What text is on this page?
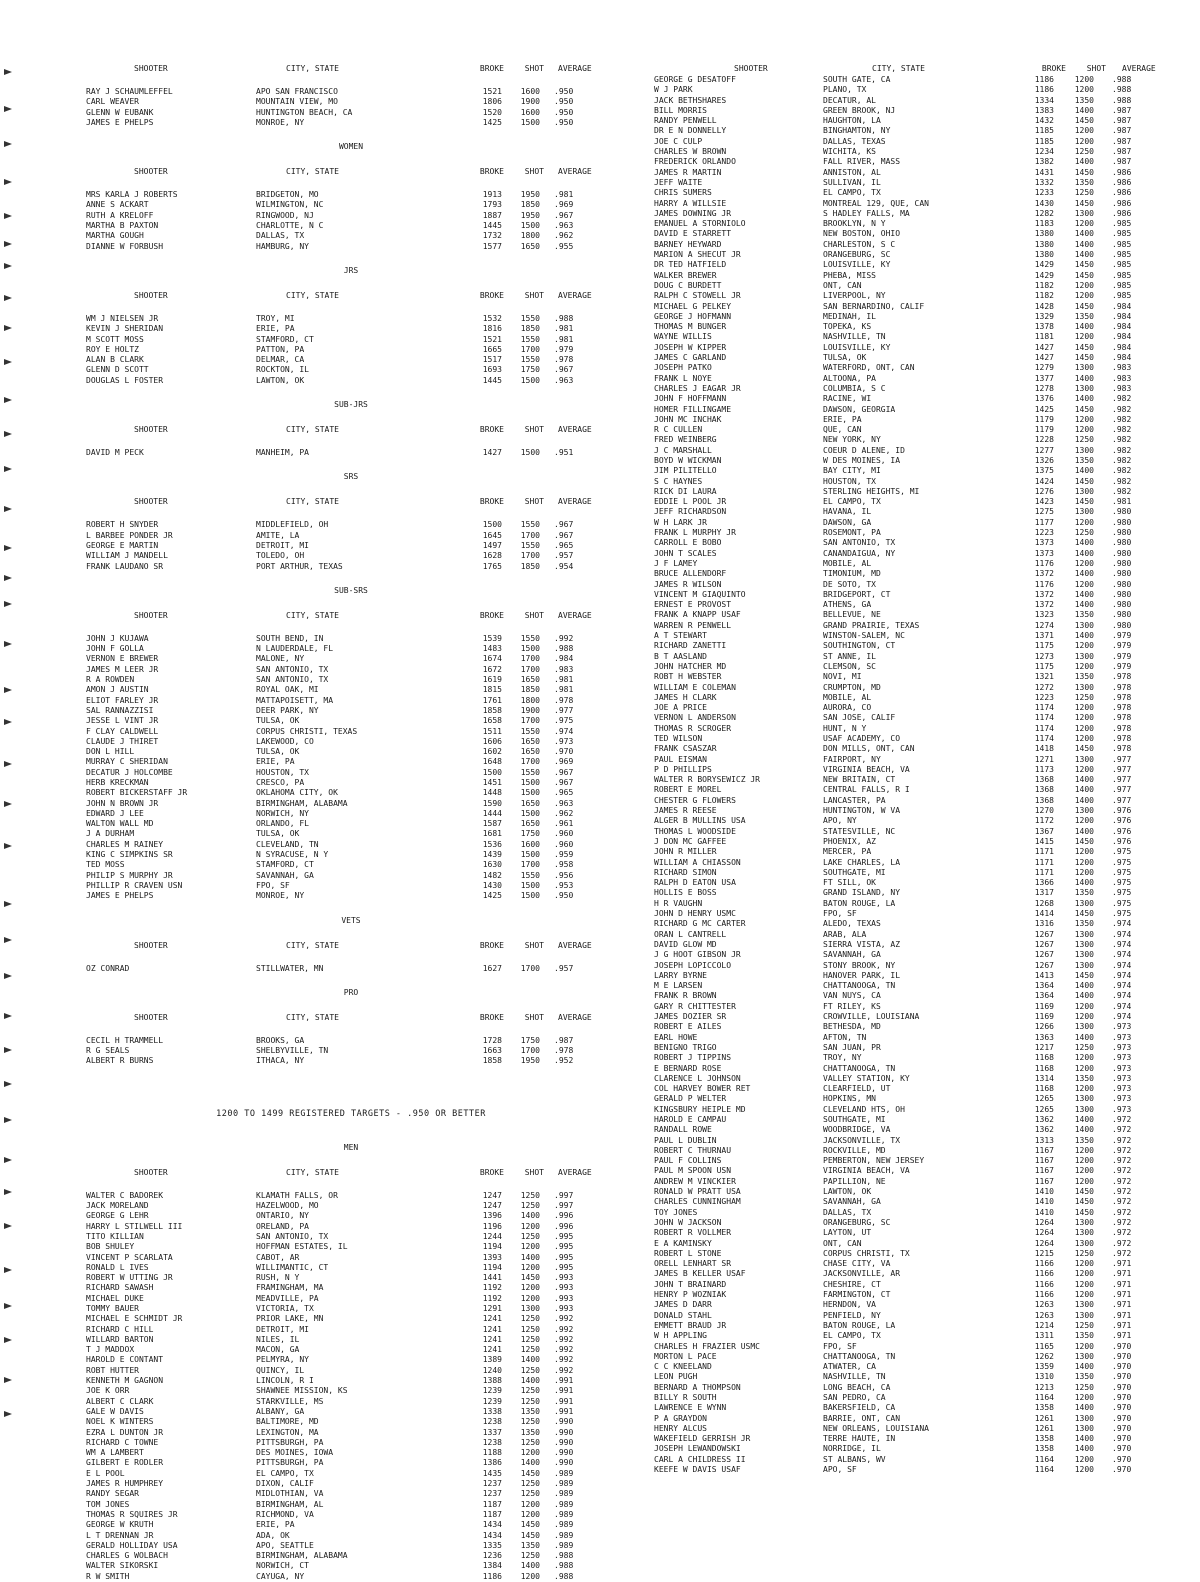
SHOOTER	CITY, STATE	BROKE	SHOT AVERAGE
RAY J SCHAUMLEFFEL	APO SAN FRANCISCO	1521	1600 .950
CARL WEAVER	MOUNTAIN VIEW, MO	1806	1900 .950
GLENN W EUBANK	HUNTINGTON BEACH, CA	1520	1600 .950
JAMES E PHELPS	MONROE, NY	1425	1500 .950
WOMEN
SHOOTER	CITY, STATE	BROKE	SHOT AVERAGE
MRS KARLA J ROBERTS	BRIDGETON, MO	1913	1950 .981
ANNE S ACKART	WILMINGTON, NC	1793	1850 .969
RUTH A KRELOFF	RINGWOOD, NJ	1887	1950 .967
MARTHA B PAXTON	CHARLOTTE, N C	1445	1500 .963
MARTHA GOUGH	DALLAS, TX	1732	1800 .962
DIANNE W FORBUSH	HAMBURG, NY	1577	1650 .955
JRS
SHOOTER	CITY, STATE	BROKE	SHOT AVERAGE
WM J NIELSEN JR	TROY, MI	1532	1550 .988
KEVIN J SHERIDAN	ERIE, PA	1816	1850 .981
M SCOTT MOSS	STAMFORD, CT	1521	1550 .981
ROY E HOLTZ	PATTON, PA	1665	1700 .979
ALAN B CLARK	DELMAR, CA	1517	1550 .978
GLENN D SCOTT	ROCKTON, IL	1693	1750 .967
DOUGLAS L FOSTER	LAWTON, OK	1445	1500 .963
SUB-JRS
SHOOTER	CITY, STATE	BROKE	SHOT AVERAGE
DAVID M PECK	MANHEIM, PA	1427	1500 .951
SRS
SHOOTER	CITY, STATE	BROKE	SHOT AVERAGE
ROBERT H SNYDER	MIDDLEFIELD, OH	1500	1550 .967
L BARBEE PONDER JR	AMITE, LA	1645	1700 .967
GEORGE E MARTIN	DETROIT, MI	1497	1550 .965
WILLIAM J MANDELL	TOLEDO, OH	1628	1700 .957
FRANK LAUDANO SR	PORT ARTHUR, TEXAS	1765	1850 .954
SUB-SRS
SHOOTER	CITY, STATE	BROKE	SHOT AVERAGE
JOHN J KUJAWA	SOUTH BEND, IN	1539	1550 .992
JOHN F GOLLA	N LAUDERDALE, FL	1483	1500 .988
VERNON E BREWER	MALONE, NY	1674	1700 .984
JAMES M LEER JR	SAN ANTONIO, TX	1672	1700 .983
R A ROWDEN	SAN ANTONIO, TX	1619	1650 .981
AMON J AUSTIN	ROYAL OAK, MI	1815	1850 .981
ELIOT FARLEY JR	MATTAPOISETT, MA	1761	1800 .978
SAL RANNAZZISI	DEER PARK, NY	1858	1900 .977
JESSE L VINT JR	TULSA, OK	1658	1700 .975
F CLAY CALDWELL	CORPUS CHRISTI, TEXAS	1511	1550 .974
CLAUDE J THIRET	LAKEWOOD, CO	1606	1650 .973
DON L HILL	TULSA, OK	1602	1650 .970
MURRAY C SHERIDAN	ERIE, PA	1648	1700 .969
DECATUR J HOLCOMBE	HOUSTON, TX	1500	1550 .967
HERB KRECKMAN	CRESCO, PA	1451	1500 .967
ROBERT BICKERSTAFF JR	OKLAHOMA CITY, OK	1448	1500 .965
JOHN N BROWN JR	BIRMINGHAM, ALABAMA	1590	1650 .963
EDWARD J LEE	NORWICH, NY	1444	1500 .962
WALTON WALL MD	ORLANDO, FL	1587	1650 .961
J A DURHAM	TULSA, OK	1681	1750 .960
CHARLES M RAINEY	CLEVELAND, TN	1536	1600 .960
KING C SIMPKINS SR	N SYRACUSE, N Y	1439	1500 .959
TED MOSS	STAMFORD, CT	1630	1700 .958
PHILIP S MURPHY JR	SAVANNAH, GA	1482	1550 .956
PHILLIP R CRAVEN USN	FPO, SF	1430	1500 .953
JAMES E PHELPS	MONROE, NY	1425	1500 .950
VETS
SHOOTER	CITY, STATE	BROKE	SHOT AVERAGE
OZ CONRAD	STILLWATER, MN	1627	1700 .957
PRO
SHOOTER	CITY, STATE	BROKE	SHOT AVERAGE
CECIL H TRAMMELL	BROOKS, GA	1728	1750 .987
R G SEALS	SHELBYVILLE, TN	1663	1700 .978
ALBERT R BURNS	ITHACA, NY	1858	1950 .952
1200 TO 1499 REGISTERED TARGETS - .950 OR BETTER
MEN
SHOOTER	CITY, STATE	BROKE	SHOT AVERAGE
WALTER C BADOREK	KLAMATH FALLS, OR	1247	1250 .997
JACK MORELAND	HAZELWOOD, MO	1247	1250 .997
GEORGE G LEHR	ONTARIO, NY	1396	1400 .996
HARRY L STILWELL III	ORELAND, PA	1196	1200 .996
TITO KILLIAN	SAN ANTONIO, TX	1244	1250 .995
BOB SHULEY	HOFFMAN ESTATES, IL	1194	1200 .995
VINCENT P SCARLATA	CABOT, AR	1393	1400 .995
RONALD L IVES	WILLIMANTIC, CT	1194	1200 .995
ROBERT W UTTING JR	RUSH, N Y	1441	1450 .993
RICHARD SAWASH	FRAMINGHAM, MA	1192	1200 .993
MICHAEL DUKE	MEADVILLE, PA	1192	1200 .993
TOMMY BAUER	VICTORIA, TX	1291	1300 .993
MICHAEL E SCHMIDT JR	PRIOR LAKE, MN	1241	1250 .992
RICHARD C HILL	DETROIT, MI	1241	1250 .992
WILLARD BARTON	NILES, IL	1241	1250 .992
T J MADDOX	MACON, GA	1241	1250 .992
HAROLD E CONTANT	PELMYRA, NY	1389	1400 .992
ROBT HUTTER	QUINCY, IL	1240	1250 .992
KENNETH M GAGNON	LINCOLN, R I	1388	1400 .991
JOE K ORR	SHAWNEE MISSION, KS	1239	1250 .991
ALBERT C CLARK	STARKVILLE, MS	1239	1250 .991
GALE W DAVIS	ALBANY, GA	1338	1350 .991
NOEL K WINTERS	BALTIMORE, MD	1238	1250 .990
EZRA L DUNTON JR	LEXINGTON, MA	1337	1350 .990
RICHARD C TOWNE	PITTSBURGH, PA	1238	1250 .990
WM A LAMBERT	DES MOINES, IOWA	1188	1200 .990
GILBERT E RODLER	PITTSBURGH, PA	1386	1400 .990
E L POOL	EL CAMPO, TX	1435	1450 .989
JAMES R HUMPHREY	DIXON, CALIF	1237	1250 .989
RANDY SEGAR	MIDLOTHIAN, VA	1237	1250 .989
TOM JONES	BIRMINGHAM, AL	1187	1200 .989
THOMAS R SQUIRES JR	RICHMOND, VA	1187	1200 .989
GEORGE W KRUTH	ERIE, PA	1434	1450 .989
L T DRENNAN JR	ADA, OK	1434	1450 .989
GERALD HOLLIDAY USA	APO, SEATTLE	1335	1350 .989
CHARLES G WOLBACH	BIRMINGHAM, ALABAMA	1236	1250 .988
WALTER SIKORSKI	NORWICH, CT	1384	1400 .988
R W SMITH	CAYUGA, NY	1186	1200 .988
SHOOTER	CITY, STATE	BROKE	SHOT AVERAGE
GEORGE G DESATOFF	SOUTH GATE, CA	1186	1200 .988
W J PARK	PLANO, TX	1186	1200 .988
JACK BETHSHARES	DECATUR, AL	1334	1350 .988
BILL MORRIS	GREEN BROOK, NJ	1383	1400 .987
RANDY PENWELL	HAUGHTON, LA	1432	1450 .987
DR E N DONNELLY	BINGHAMTON, NY	1185	1200 .987
JOE C CULP	DALLAS, TEXAS	1185	1200 .987
CHARLES W BROWN	WICHITA, KS	1234	1250 .987
FREDERICK ORLANDO	FALL RIVER, MASS	1382	1400 .987
JAMES R MARTIN	ANNISTON, AL	1431	1450 .986
JEFF WAITE	SULLIVAN, IL	1332	1350 .986
CHRIS SUMERS	EL CAMPO, TX	1233	1250 .986
HARRY A WILLSIE	MONTREAL 129, QUE, CAN	1430	1450 .986
JAMES DOWNING JR	S HADLEY FALLS, MA	1282	1300 .986
EMANUEL A STORNIOLO	BROOKLYN, N Y	1183	1200 .985
DAVID E STARRETT	NEW BOSTON, OHIO	1380	1400 .985
BARNEY HEYWARD	CHARLESTON, S C	1380	1400 .985
MARION A SHECUT JR	ORANGEBURG, SC	1380	1400 .985
DR TED HATFIELD	LOUISVILLE, KY	1429	1450 .985
WALKER BREWER	PHEBA, MISS	1429	1450 .985
DOUG C BURDETT	ONT, CAN	1182	1200 .985
RALPH C STOWELL JR	LIVERPOOL, NY	1182	1200 .985
MICHAEL G PELKEY	SAN BERNARDINO, CALIF	1428	1450 .984
GEORGE J HOFMANN	MEDINAH, IL	1329	1350 .984
THOMAS M BUNGER	TOPEKA, KS	1378	1400 .984
WAYNE WILLIS	NASHVILLE, TN	1181	1200 .984
JOSEPH W KIPPER	LOUISVILLE, KY	1427	1450 .984
JAMES C GARLAND	TULSA, OK	1427	1450 .984
JOSEPH PATKO	WATERFORD, ONT, CAN	1279	1300 .983
FRANK L NOYE	ALTOONA, PA	1377	1400 .983
CHARLES J EAGAR JR	COLUMBIA, S C	1278	1300 .983
JOHN F HOFFMANN	RACINE, WI	1376	1400 .982
HOMER FILLINGAME	DAWSON, GEORGIA	1425	1450 .982
JOHN MC INCHAK	ERIE, PA	1179	1200 .982
R C CULLEN	QUE, CAN	1179	1200 .982
FRED WEINBERG	NEW YORK, NY	1228	1250 .982
J C MARSHALL	COEUR D ALENE, ID	1277	1300 .982
BOYD W WICKMAN	W DES MOINES, IA	1326	1350 .982
JIM PILITELLO	BAY CITY, MI	1375	1400 .982
S C HAYNES	HOUSTON, TX	1424	1450 .982
RICK DI LAURA	STERLING HEIGHTS, MI	1276	1300 .982
EDDIE L POOL JR	EL CAMPO, TX	1423	1450 .981
JEFF RICHARDSON	HAVANA, IL	1275	1300 .980
W H LARK JR	DAWSON, GA	1177	1200 .980
FRANK L MURPHY JR	ROSEMONT, PA	1223	1250 .980
CARROLL E BOBO	SAN ANTONIO, TX	1373	1400 .980
JOHN T SCALES	CANANDAIGUA, NY	1373	1400 .980
J F LAMEY	MOBILE, AL	1176	1200 .980
BRUCE ALLENDORF	TIMONIUM, MD	1372	1400 .980
JAMES R WILSON	DE SOTO, TX	1176	1200 .980
VINCENT M GIAQUINTO	BRIDGEPORT, CT	1372	1400 .980
ERNEST E PROVOST	ATHENS, GA	1372	1400 .980
FRANK A KNAPP USAF	BELLEVUE, NE	1323	1350 .980
WARREN R PENWELL	GRAND PRAIRIE, TEXAS	1274	1300 .980
A T STEWART	WINSTON-SALEM, NC	1371	1400 .979
RICHARD ZANETTI	SOUTHINGTON, CT	1175	1200 .979
B T AASLAND	ST ANNE, IL	1273	1300 .979
JOHN HATCHER MD	CLEMSON, SC	1175	1200 .979
ROBT H WEBSTER	NOVI, MI	1321	1350 .978
WILLIAM E COLEMAN	CRUMPTON, MD	1272	1300 .978
JAMES H CLARK	MOBILE, AL	1223	1250 .978
JOE A PRICE	AURORA, CO	1174	1200 .978
VERNON L ANDERSON	SAN JOSE, CALIF	1174	1200 .978
THOMAS R SCROGER	HUNT, N Y	1174	1200 .978
TED WILSON	USAF ACADEMY, CO	1174	1200 .978
FRANK CSASZAR	DON MILLS, ONT, CAN	1418	1450 .978
PAUL EISMAN	FAIRPORT, NY	1271	1300 .977
P D PHILLIPS	VIRGINIA BEACH, VA	1173	1200 .977
WALTER R BORYSEWICZ JR	NEW BRITAIN, CT	1368	1400 .977
ROBERT E MOREL	CENTRAL FALLS, R I	1368	1400 .977
CHESTER G FLOWERS	LANCASTER, PA	1368	1400 .977
JAMES R REESE	HUNTINGTON, W VA	1270	1300 .976
ALGER B MULLINS USA	APO, NY	1172	1200 .976
THOMAS L WOODSIDE	STATESVILLE, NC	1367	1400 .976
J DON MC GAFFEE	PHOENIX, AZ	1415	1450 .976
JOHN R MILLER	MERCER, PA	1171	1200 .975
WILLIAM A CHIASSON	LAKE CHARLES, LA	1171	1200 .975
RICHARD SIMON	SOUTHGATE, MI	1171	1200 .975
RALPH D EATON USA	FT SILL, OK	1366	1400 .975
HOLLIS E BOSS	GRAND ISLAND, NY	1317	1350 .975
H R VAUGHN	BATON ROUGE, LA	1268	1300 .975
JOHN D HENRY USMC	FPO, SF	1414	1450 .975
RICHARD G MC CARTER	ALEDO, TEXAS	1316	1350 .974
ORAN L CANTRELL	ARAB, ALA	1267	1300 .974
DAVID GLOW MD	SIERRA VISTA, AZ	1267	1300 .974
J G HOOT GIBSON JR	SAVANNAH, GA	1267	1300 .974
JOSEPH LOPICCOLO	STONY BROOK, NY	1267	1300 .974
LARRY BYRNE	HANOVER PARK, IL	1413	1450 .974
M E LARSEN	CHATTANOOGA, TN	1364	1400 .974
FRANK R BROWN	VAN NUYS, CA	1364	1400 .974
GARY R CHITTESTER	FT RILEY, KS	1169	1200 .974
JAMES DOZIER SR	CROWVILLE, LOUISIANA	1169	1200 .974
ROBERT E AILES	BETHESDA, MD	1266	1300 .973
EARL HOWE	AFTON, TN	1363	1400 .973
BENIGNO TRIGO	SAN JUAN, PR	1217	1250 .973
ROBERT J TIPPINS	TROY, NY	1168	1200 .973
E BERNARD ROSE	CHATTANOOGA, TN	1168	1200 .973
CLARENCE L JOHNSON	VALLEY STATION, KY	1314	1350 .973
COL HARVEY BOWER RET	CLEARFIELD, UT	1168	1200 .973
GERALD P WELTER	HOPKINS, MN	1265	1300 .973
KINGSBURY HEIPLE MD	CLEVELAND HTS, OH	1265	1300 .973
HAROLD E CAMPAU	SOUTHGATE, MI	1362	1400 .972
RANDALL ROWE	WOODBRIDGE, VA	1362	1400 .972
PAUL L DUBLIN	JACKSONVILLE, TX	1313	1350 .972
ROBERT C THURNAU	ROCKVILLE, MD	1167	1200 .972
PAUL F COLLINS	PEMBERTON, NEW JERSEY	1167	1200 .972
PAUL M SPOON USN	VIRGINIA BEACH, VA	1167	1200 .972
ANDREW M VINCKIER	PAPILLION, NE	1167	1200 .972
RONALD W PRATT USA	LAWTON, OK	1410	1450 .972
CHARLES CUNNINGHAM	SAVANNAH, GA	1410	1450 .972
TOY JONES	DALLAS, TX	1410	1450 .972
JOHN W JACKSON	ORANGEBURG, SC	1264	1300 .972
ROBERT R VOLLMER	LAYTON, UT	1264	1300 .972
E A KAMINSKY	ONT, CAN	1264	1300 .972
ROBERT L STONE	CORPUS CHRISTI, TX	1215	1250 .972
ORELL LENHART SR	CHASE CITY, VA	1166	1200 .971
JAMES B KELLER USAF	JACKSONVILLE, AR	1166	1200 .971
JOHN T BRAINARD	CHESHIRE, CT	1166	1200 .971
HENRY P WOZNIAK	FARMINGTON, CT	1166	1200 .971
JAMES D DARR	HERNDON, VA	1263	1300 .971
DONALD STAHL	PENFIELD, NY	1263	1300 .971
EMMETT BRAUD JR	BATON ROUGE, LA	1214	1250 .971
W H APPLING	EL CAMPO, TX	1311	1350 .971
CHARLES H FRAZIER USMC	FPO, SF	1165	1200 .970
MORTON L PACE	CHATTANOOGA, TN	1262	1300 .970
C C KNEELAND	ATWATER, CA	1359	1400 .970
LEON PUGH	NASHVILLE, TN	1310	1350 .970
BERNARD A THOMPSON	LONG BEACH, CA	1213	1250 .970
BILLY R SOUTH	SAN PEDRO, CA	1164	1200 .970
LAWRENCE E WYNN	BAKERSFIELD, CA	1358	1400 .970
P A GRAYDON	BARRIE, ONT, CAN	1261	1300 .970
HENRY ALCUS	NEW ORLEANS, LOUISIANA	1261	1300 .970
WAKEFIELD GERRISH JR	TERRE HAUTE, IN	1358	1400 .970
JOSEPH LEWANDOWSKI	NORRIDGE, IL	1358	1400 .970
CARL A CHILDRESS II	ST ALBANS, WV	1164	1200 .970
KEEFE W DAVIS USAF	APO, SF	1164	1200 .970
